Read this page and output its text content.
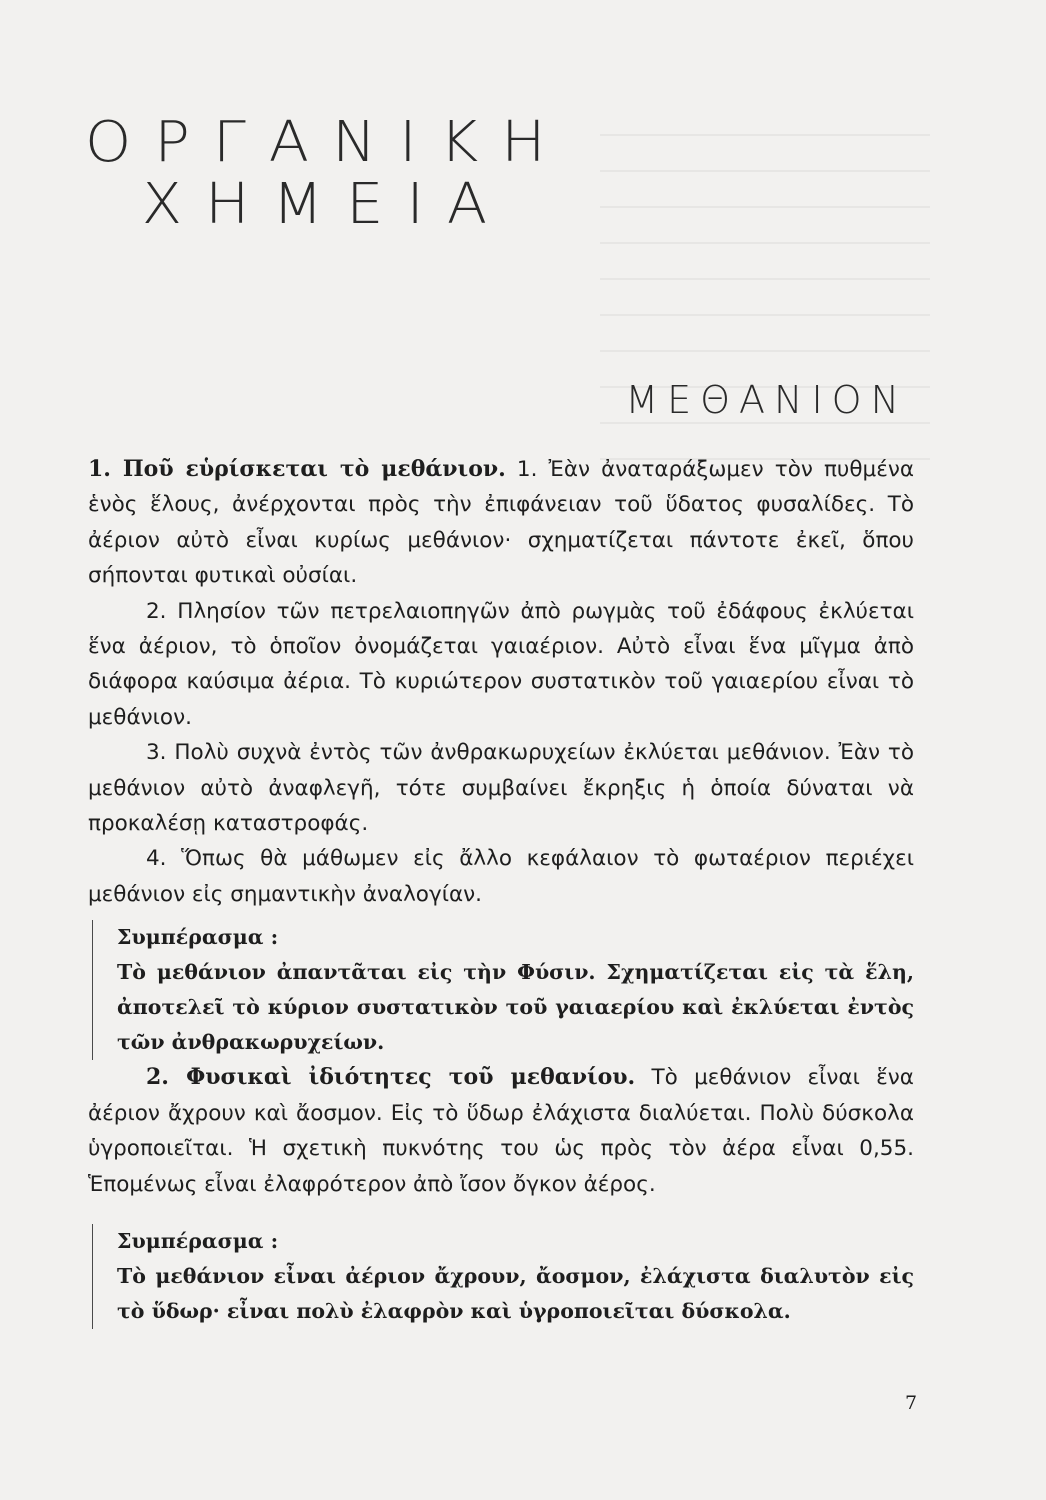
ΟΡΓΑΝΙΚΗ
ΧΗΜΕΙΑ
ΜΕΘΑΝΙΟΝ

1. Ποῦ εὑρίσκεται τὸ μεθάνιον. 1. Ἐὰν ἀναταράξωμεν τὸν πυθμένα ἑνὸς ἕλους, ἀνέρχονται πρὸς τὴν ἐπιφάνειαν τοῦ ὕδατος φυσαλίδες. Τὸ ἀέριον αὐτὸ εἶναι κυρίως μεθάνιον· σχηματίζεται πάντοτε ἐκεῖ, ὅπου σήπονται φυτικαὶ οὐσίαι.

2. Πλησίον τῶν πετρελαιοπηγῶν ἀπὸ ρωγμὰς τοῦ ἐδάφους ἐκλύεται ἕνα ἀέριον, τὸ ὁποῖον ὀνομάζεται γαιαέριον. Αὐτὸ εἶναι ἕνα μῖγμα ἀπὸ διάφορα καύσιμα ἀέρια. Τὸ κυριώτερον συστατικὸν τοῦ γαιαερίου εἶναι τὸ μεθάνιον.

3. Πολὺ συχνὰ ἐντὸς τῶν ἀνθρακωρυχείων ἐκλύεται μεθάνιον. Ἐὰν τὸ μεθάνιον αὐτὸ ἀναφλεγῆ, τότε συμβαίνει ἔκρηξις ἡ ὁποία δύναται νὰ προκαλέσῃ καταστροφάς.

4. Ὅπως θὰ μάθωμεν εἰς ἄλλο κεφάλαιον τὸ φωταέριον περιέχει μεθάνιον εἰς σημαντικὴν ἀναλογίαν.

Συμπέρασμα :
Τὸ μεθάνιον ἀπαντᾶται εἰς τὴν Φύσιν. Σχηματίζεται εἰς τὰ ἕλη, ἀποτελεῖ τὸ κύριον συστατικὸν τοῦ γαιαερίου καὶ ἐκλύεται ἐντὸς τῶν ἀνθρακωρυχείων.

2. Φυσικαὶ ἰδιότητες τοῦ μεθανίου. Τὸ μεθάνιον εἶναι ἕνα ἀέριον ἄχρουν καὶ ἄοσμον. Εἰς τὸ ὕδωρ ἐλάχιστα διαλύεται. Πολὺ δύσκολα ὑγροποιεῖται. Ἡ σχετικὴ πυκνότης του ὡς πρὸς τὸν ἀέρα εἶναι 0,55. Ἑπομένως εἶναι ἐλαφρότερον ἀπὸ ἴσον ὄγκον ἀέρος.

Συμπέρασμα :
Τὸ μεθάνιον εἶναι ἀέριον ἄχρουν, ἄοσμον, ἐλάχιστα διαλυτὸν εἰς τὸ ὕδωρ· εἶναι πολὺ ἐλαφρὸν καὶ ὑγροποιεῖται δύσκολα.
7
